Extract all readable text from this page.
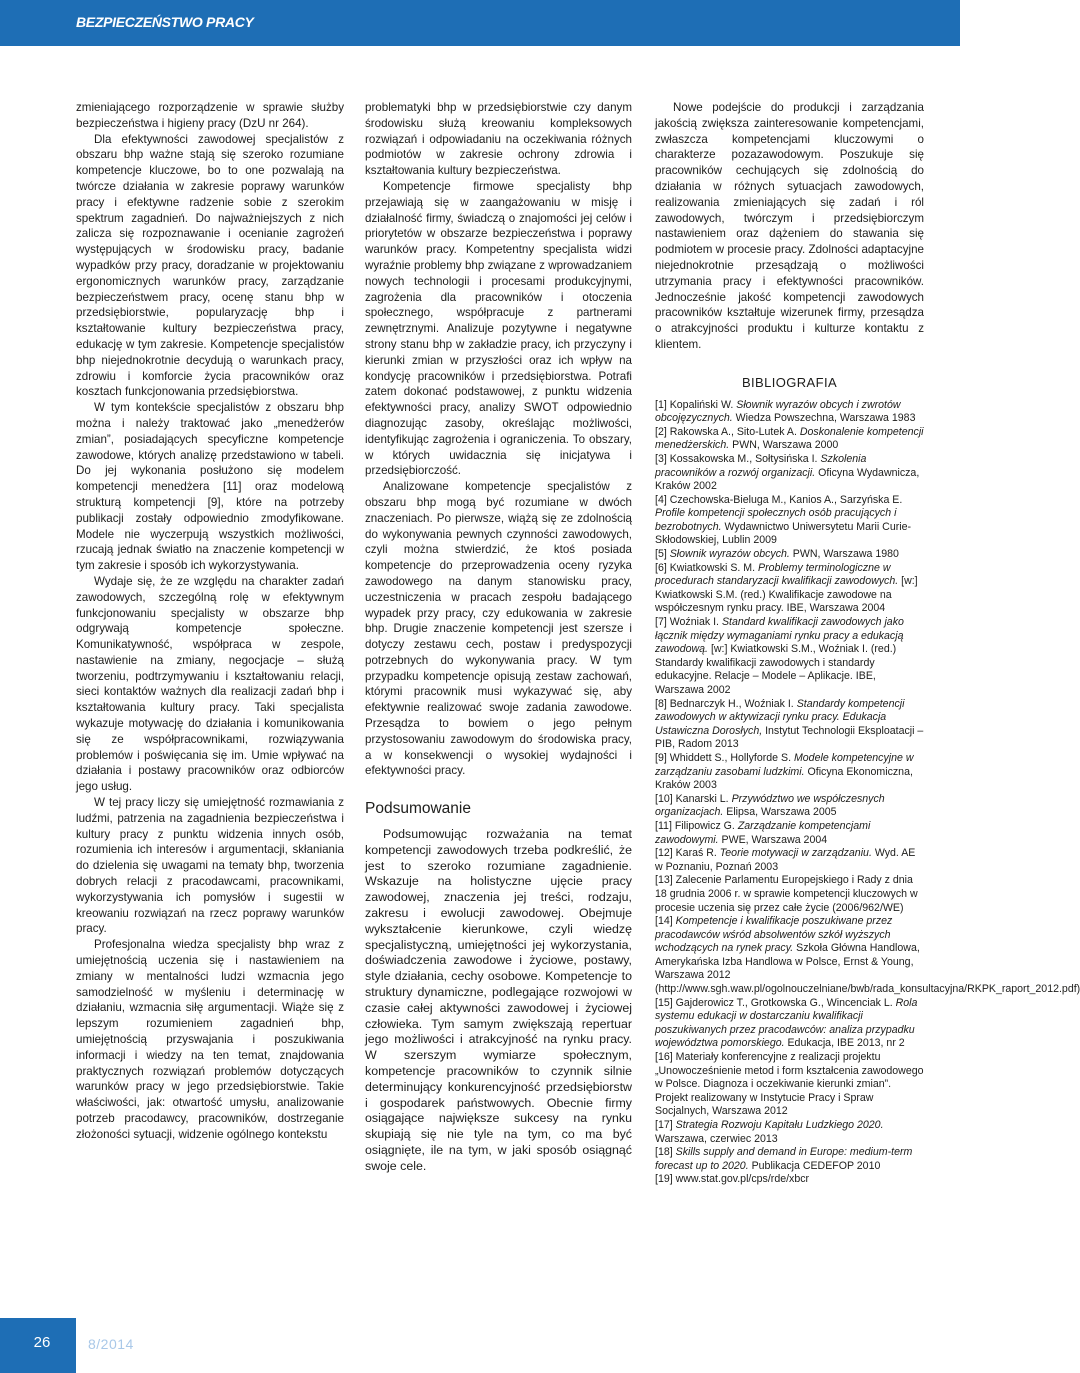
BEZPIECZEŃSTWO PRACY

zmieniającego rozporządzenie w sprawie służby bezpieczeństwa i higieny pracy (DzU nr 264).

Dla efektywności zawodowej specjalistów z obszaru bhp ważne stają się szeroko rozumiane kompetencje kluczowe, bo to one pozwalają na twórcze działania w zakresie poprawy warunków pracy i efektywne radzenie sobie z szerokim spektrum zagadnień. Do najważniejszych z nich zalicza się rozpoznawanie i ocenianie zagrożeń występujących w środowisku pracy, badanie wypadków przy pracy, doradzanie w projektowaniu ergonomicznych warunków pracy, zarządzanie bezpieczeństwem pracy, ocenę stanu bhp w przedsiębiorstwie, popularyzację bhp i kształtowanie kultury bezpieczeństwa pracy, edukację w tym zakresie. Kompetencje specjalistów bhp niejednokrotnie decydują o warunkach pracy, zdrowiu i komforcie życia pracowników oraz kosztach funkcjonowania przedsiębiorstwa.

W tym kontekście specjalistów z obszaru bhp można i należy traktować jako „menedżerów zmian”, posiadających specyficzne kompetencje zawodowe, których analizę przedstawiono w tabeli. Do jej wykonania posłużono się modelem kompetencji menedżera [11] oraz modelową strukturą kompetencji [9], które na potrzeby publikacji zostały odpowiednio zmodyfikowane. Modele nie wyczerpują wszystkich możliwości, rzucają jednak światło na znaczenie kompetencji w tym zakresie i sposób ich wykorzystywania.

Wydaje się, że ze względu na charakter zadań zawodowych, szczególną rolę w efektywnym funkcjonowaniu specjalisty w obszarze bhp odgrywają kompetencje społeczne. Komunikatywność, współpraca w zespole, nastawienie na zmiany, negocjacje – służą tworzeniu, podtrzymywaniu i kształtowaniu relacji, sieci kontaktów ważnych dla realizacji zadań bhp i kształtowania kultury pracy. Taki specjalista wykazuje motywację do działania i komunikowania się ze współpracownikami, rozwiązywania problemów i poświęcania się im. Umie wpływać na działania i postawy pracowników oraz odbiorców jego usług.

W tej pracy liczy się umiejętność rozmawiania z ludźmi, patrzenia na zagadnienia bezpieczeństwa i kultury pracy z punktu widzenia innych osób, rozumienia ich interesów i argumentacji, skłaniania do dzielenia się uwagami na tematy bhp, tworzenia dobrych relacji z pracodawcami, pracownikami, wykorzystywania ich pomysłów i sugestii w kreowaniu rozwiązań na rzecz poprawy warunków pracy.

Profesjonalna wiedza specjalisty bhp wraz z umiejętnością uczenia się i nastawieniem na zmiany w mentalności ludzi wzmacnia jego samodzielność w myśleniu i determinację w działaniu, wzmacnia siłę argumentacji. Wiąże się z lepszym rozumieniem zagadnień bhp, umiejętnością przyswajania i poszukiwania informacji i wiedzy na ten temat, znajdowania praktycznych rozwiązań problemów dotyczących warunków pracy w jego przedsiębiorstwie. Takie właściwości, jak: otwartość umysłu, analizowanie potrzeb pracodawcy, pracowników, dostrzeganie złożoności sytuacji, widzenie ogólnego kontekstu

problematyki bhp w przedsiębiorstwie czy danym środowisku służą kreowaniu kompleksowych rozwiązań i odpowiadaniu na oczekiwania różnych podmiotów w zakresie ochrony zdrowia i kształtowania kultury bezpieczeństwa.

Kompetencje firmowe specjalisty bhp przejawiają się w zaangażowaniu w misję i działalność firmy, świadczą o znajomości jej celów i priorytetów w obszarze bezpieczeństwa i poprawy warunków pracy. Kompetentny specjalista widzi wyraźnie problemy bhp związane z wprowadzaniem nowych technologii i procesami produkcyjnymi, zagrożenia dla pracowników i otoczenia społecznego, współpracuje z partnerami zewnętrznymi. Analizuje pozytywne i negatywne strony stanu bhp w zakładzie pracy, ich przyczyny i kierunki zmian w przyszłości oraz ich wpływ na kondycję pracowników i przedsiębiorstwa. Potrafi zatem dokonać podstawowej, z punktu widzenia efektywności pracy, analizy SWOT odpowiednio diagnozując zasoby, określając możliwości, identyfikując zagrożenia i ograniczenia. To obszary, w których uwidacznia się inicjatywa i przedsiębiorczość.

Analizowane kompetencje specjalistów z obszaru bhp mogą być rozumiane w dwóch znaczeniach. Po pierwsze, wiążą się ze zdolnością do wykonywania pewnych czynności zawodowych, czyli można stwierdzić, że ktoś posiada kompetencje do przeprowadzenia oceny ryzyka zawodowego na danym stanowisku pracy, uczestniczenia w pracach zespołu badającego wypadek przy pracy, czy edukowania w zakresie bhp. Drugie znaczenie kompetencji jest szersze i dotyczy zestawu cech, postaw i predyspozycji potrzebnych do wykonywania pracy. W tym przypadku kompetencje opisują zestaw zachowań, którymi pracownik musi wykazywać się, aby efektywnie realizować swoje zadania zawodowe. Przesądza to bowiem o jego pełnym przystosowaniu zawodowym do środowiska pracy, a w konsekwencji o wysokiej wydajności i efektywności pracy.

Podsumowanie

Podsumowując rozważania na temat kompetencji zawodowych trzeba podkreślić, że jest to szeroko rozumiane zagadnienie. Wskazuje na holistyczne ujęcie pracy zawodowej, znaczenia jej treści, rodzaju, zakresu i ewolucji zawodowej. Obejmuje wykształcenie kierunkowe, czyli wiedzę specjalistyczną, umiejętności jej wykorzystania, doświadczenia zawodowe i życiowe, postawy, style działania, cechy osobowe. Kompetencje to struktury dynamiczne, podlegające rozwojowi w czasie całej aktywności zawodowej i życiowej człowieka. Tym samym zwiększają repertuar jego możliwości i atrakcyjność na rynku pracy. W szerszym wymiarze społecznym, kompetencje pracowników to czynnik silnie determinujący konkurencyjność przedsiębiorstw i gospodarek państwowych. Obecnie firmy osiągające największe sukcesy na rynku skupiają się nie tyle na tym, co ma być osiągnięte, ile na tym, w jaki sposób osiągnąć swoje cele.

Nowe podejście do produkcji i zarządzania jakością zwiększa zainteresowanie kompetencjami, zwłaszcza kompetencjami kluczowymi o charakterze pozazawodowym. Poszukuje się pracowników cechujących się zdolnością do działania w różnych sytuacjach zawodowych, realizowania zmieniających się zadań i ról zawodowych, twórczym i przedsiębiorczym nastawieniem oraz dążeniem do stawania się podmiotem w procesie pracy. Zdolności adaptacyjne niejednokrotnie przesądzają o możliwości utrzymania pracy i efektywności pracowników. Jednocześnie jakość kompetencji zawodowych pracowników kształtuje wizerunek firmy, przesądza o atrakcyjności produktu i kulturze kontaktu z klientem.

BIBLIOGRAFIA

[1] Kopaliński W. Słownik wyrazów obcych i zwrotów obcojęzycznych. Wiedza Powszechna, Warszawa 1983

[2] Rakowska A., Sito-Lutek A. Doskonalenie kompetencji menedżerskich. PWN, Warszawa 2000

[3] Kossakowska M., Sołtysińska I. Szkolenia pracowników a rozwój organizacji. Oficyna Wydawnicza, Kraków 2002

[4] Czechowska-Bieluga M., Kanios A., Sarzyńska E. Profile kompetencji społecznych osób pracujących i bezrobotnych. Wydawnictwo Uniwersytetu Marii Curie-Skłodowskiej, Lublin 2009

[5] Słownik wyrazów obcych. PWN, Warszawa 1980

[6] Kwiatkowski S. M. Problemy terminologiczne w procedurach standaryzacji kwalifikacji zawodowych. [w:] Kwiatkowski S.M. (red.) Kwalifikacje zawodowe na współczesnym rynku pracy. IBE, Warszawa 2004

[7] Woźniak I. Standard kwalifikacji zawodowych jako łącznik między wymaganiami rynku pracy a edukacją zawodową. [w:] Kwiatkowski S.M., Woźniak I. (red.) Standardy kwalifikacji zawodowych i standardy edukacyjne. Relacje – Modele – Aplikacje. IBE, Warszawa 2002

[8] Bednarczyk H., Woźniak I. Standardy kompetencji zawodowych w aktywizacji rynku pracy. Edukacja Ustawiczna Dorosłych, Instytut Technologii Eksploatacji – PIB, Radom 2013

[9] Whiddett S., Hollyforde S. Modele kompetencyjne w zarządzaniu zasobami ludzkimi. Oficyna Ekonomiczna, Kraków 2003

[10] Kanarski L. Przywództwo we współczesnych organizacjach. Elipsa, Warszawa 2005

[11] Filipowicz G. Zarządzanie kompetencjami zawodowymi. PWE, Warszawa 2004

[12] Karaś R. Teorie motywacji w zarządzaniu. Wyd. AE w Poznaniu, Poznań 2003

[13] Zalecenie Parlamentu Europejskiego i Rady z dnia 18 grudnia 2006 r. w sprawie kompetencji kluczowych w procesie uczenia się przez całe życie (2006/962/WE)

[14] Kompetencje i kwalifikacje poszukiwane przez pracodawców wśród absolwentów szkół wyższych wchodzących na rynek pracy. Szkoła Główna Handlowa, Amerykańska Izba Handlowa w Polsce, Ernst & Young, Warszawa 2012 (http://www.sgh.waw.pl/ogolnouczelniane/bwb/rada_konsultacyjna/RKPK_raport_2012.pdf)

[15] Gajderowicz T., Grotkowska G., Wincenciak L. Rola systemu edukacji w dostarczaniu kwalifikacji poszukiwanych przez pracodawców: analiza przypadku województwa pomorskiego. Edukacja, IBE 2013, nr 2

[16] Materiały konferencyjne z realizacji projektu „Unowocześnienie metod i form kształcenia zawodowego w Polsce. Diagnoza i oczekiwanie kierunki zmian”. Projekt realizowany w Instytucie Pracy i Spraw Socjalnych, Warszawa 2012

[17] Strategia Rozwoju Kapitału Ludzkiego 2020. Warszawa, czerwiec 2013

[18] Skills supply and demand in Europe: medium-term forecast up to 2020. Publikacja CEDEFOP 2010

[19] www.stat.gov.pl/cps/rde/xbcr

26	8/2014
